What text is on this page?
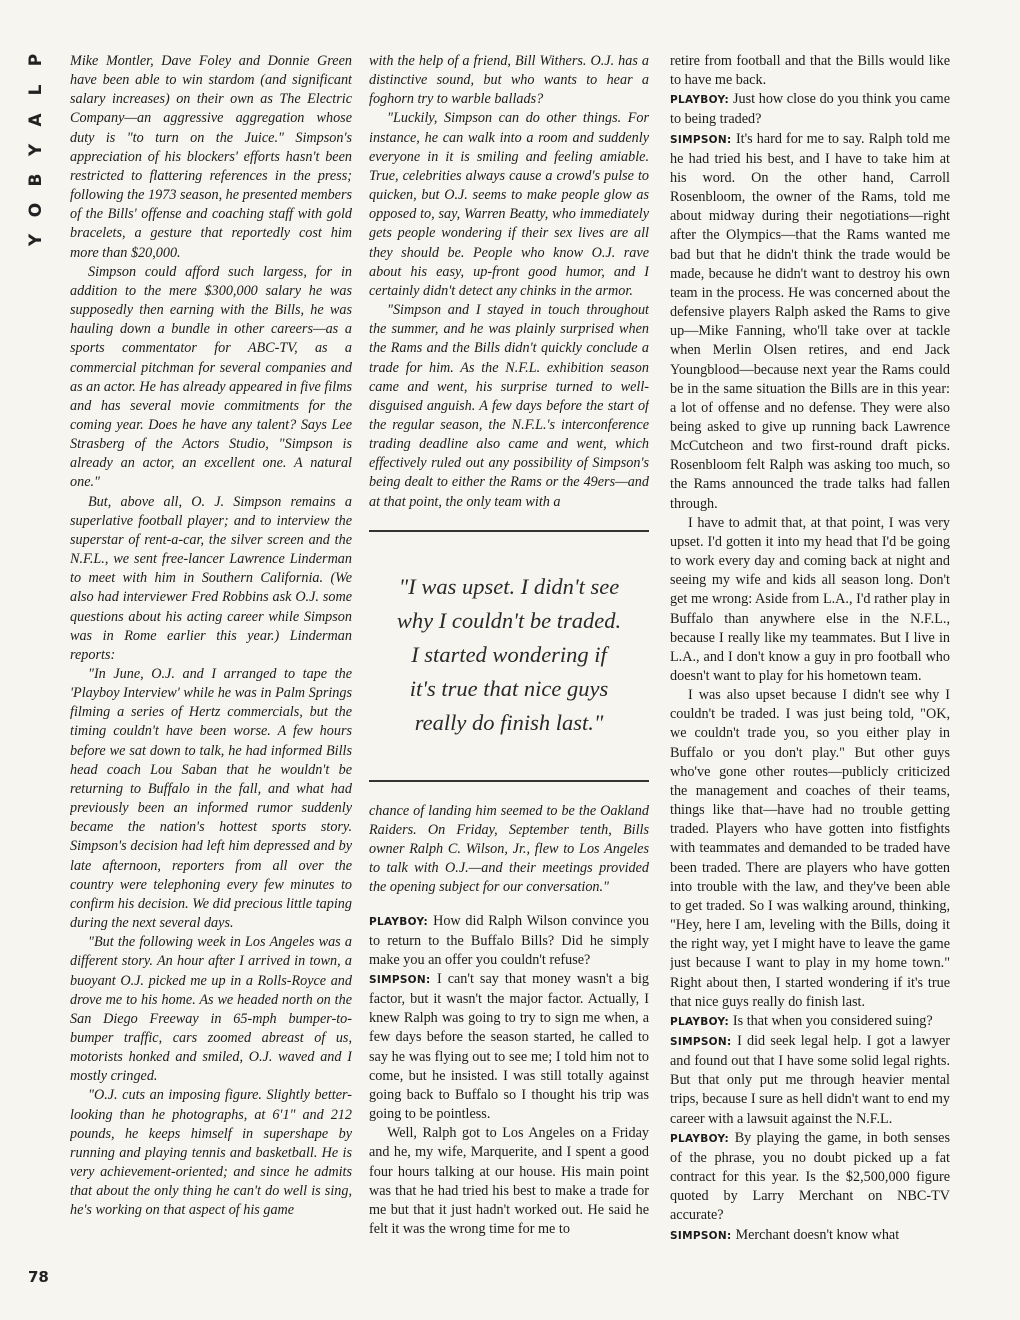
P
L
A
Y
B
O
Y
78

Mike Montler, Dave Foley and Donnie Green have been able to win stardom (and significant salary increases) on their own as The Electric Company—an aggressive aggregation whose duty is "to turn on the Juice." Simpson's appreciation of his blockers' efforts hasn't been restricted to flattering references in the press; following the 1973 season, he presented members of the Bills' offense and coaching staff with gold bracelets, a gesture that reportedly cost him more than $20,000.

Simpson could afford such largess, for in addition to the mere $300,000 salary he was supposedly then earning with the Bills, he was hauling down a bundle in other careers—as a sports commentator for ABC-TV, as a commercial pitchman for several companies and as an actor. He has already appeared in five films and has several movie commitments for the coming year. Does he have any talent? Says Lee Strasberg of the Actors Studio, "Simpson is already an actor, an excellent one. A natural one."

But, above all, O. J. Simpson remains a superlative football player; and to interview the superstar of rent-a-car, the silver screen and the N.F.L., we sent free-lancer Lawrence Linderman to meet with him in Southern California. (We also had interviewer Fred Robbins ask O.J. some questions about his acting career while Simpson was in Rome earlier this year.) Linderman reports:

"In June, O.J. and I arranged to tape the 'Playboy Interview' while he was in Palm Springs filming a series of Hertz commercials, but the timing couldn't have been worse. A few hours before we sat down to talk, he had informed Bills head coach Lou Saban that he wouldn't be returning to Buffalo in the fall, and what had previously been an informed rumor suddenly became the nation's hottest sports story. Simpson's decision had left him depressed and by late afternoon, reporters from all over the country were telephoning every few minutes to confirm his decision. We did precious little taping during the next several days.

"But the following week in Los Angeles was a different story. An hour after I arrived in town, a buoyant O.J. picked me up in a Rolls-Royce and drove me to his home. As we headed north on the San Diego Freeway in 65-mph bumper-to-bumper traffic, cars zoomed abreast of us, motorists honked and smiled, O.J. waved and I mostly cringed.

"O.J. cuts an imposing figure. Slightly better-looking than he photographs, at 6'1" and 212 pounds, he keeps himself in supershape by running and playing tennis and basketball. He is very achievement-oriented; and since he admits that about the only thing he can't do well is sing, he's working on that aspect of his game

with the help of a friend, Bill Withers. O.J. has a distinctive sound, but who wants to hear a foghorn try to warble ballads?

"Luckily, Simpson can do other things. For instance, he can walk into a room and suddenly everyone in it is smiling and feeling amiable. True, celebrities always cause a crowd's pulse to quicken, but O.J. seems to make people glow as opposed to, say, Warren Beatty, who immediately gets people wondering if their sex lives are all they should be. People who know O.J. rave about his easy, up-front good humor, and I certainly didn't detect any chinks in the armor.

"Simpson and I stayed in touch throughout the summer, and he was plainly surprised when the Rams and the Bills didn't quickly conclude a trade for him. As the N.F.L. exhibition season came and went, his surprise turned to well-disguised anguish. A few days before the start of the regular season, the N.F.L.'s interconference trading deadline also came and went, which effectively ruled out any possibility of Simpson's being dealt to either the Rams or the 49ers—and at that point, the only team with a

"I was upset. I didn't see
why I couldn't be traded.
I started wondering if
it's true that nice guys
really do finish last."

chance of landing him seemed to be the Oakland Raiders. On Friday, September tenth, Bills owner Ralph C. Wilson, Jr., flew to Los Angeles to talk with O.J.—and their meetings provided the opening subject for our conversation."

PLAYBOY: How did Ralph Wilson convince you to return to the Buffalo Bills? Did he simply make you an offer you couldn't refuse?

SIMPSON: I can't say that money wasn't a big factor, but it wasn't the major factor. Actually, I knew Ralph was going to try to sign me when, a few days before the season started, he called to say he was flying out to see me; I told him not to come, but he insisted. I was still totally against going back to Buffalo so I thought his trip was going to be pointless.

Well, Ralph got to Los Angeles on a Friday and he, my wife, Marquerite, and I spent a good four hours talking at our house. His main point was that he had tried his best to make a trade for me but that it just hadn't worked out. He said he felt it was the wrong time for me to

retire from football and that the Bills would like to have me back.

PLAYBOY: Just how close do you think you came to being traded?

SIMPSON: It's hard for me to say. Ralph told me he had tried his best, and I have to take him at his word. On the other hand, Carroll Rosenbloom, the owner of the Rams, told me about midway during their negotiations—right after the Olympics—that the Rams wanted me bad but that he didn't think the trade would be made, because he didn't want to destroy his own team in the process. He was concerned about the defensive players Ralph asked the Rams to give up—Mike Fanning, who'll take over at tackle when Merlin Olsen retires, and end Jack Youngblood—because next year the Rams could be in the same situation the Bills are in this year: a lot of offense and no defense. They were also being asked to give up running back Lawrence McCutcheon and two first-round draft picks. Rosenbloom felt Ralph was asking too much, so the Rams announced the trade talks had fallen through.

I have to admit that, at that point, I was very upset. I'd gotten it into my head that I'd be going to work every day and coming back at night and seeing my wife and kids all season long. Don't get me wrong: Aside from L.A., I'd rather play in Buffalo than anywhere else in the N.F.L., because I really like my teammates. But I live in L.A., and I don't know a guy in pro football who doesn't want to play for his hometown team.

I was also upset because I didn't see why I couldn't be traded. I was just being told, "OK, we couldn't trade you, so you either play in Buffalo or you don't play." But other guys who've gone other routes—publicly criticized the management and coaches of their teams, things like that—have had no trouble getting traded. Players who have gotten into fistfights with teammates and demanded to be traded have been traded. There are players who have gotten into trouble with the law, and they've been able to get traded. So I was walking around, thinking, "Hey, here I am, leveling with the Bills, doing it the right way, yet I might have to leave the game just because I want to play in my home town." Right about then, I started wondering if it's true that nice guys really do finish last.

PLAYBOY: Is that when you considered suing?

SIMPSON: I did seek legal help. I got a lawyer and found out that I have some solid legal rights. But that only put me through heavier mental trips, because I sure as hell didn't want to end my career with a lawsuit against the N.F.L.

PLAYBOY: By playing the game, in both senses of the phrase, you no doubt picked up a fat contract for this year. Is the $2,500,000 figure quoted by Larry Merchant on NBC-TV accurate?

SIMPSON: Merchant doesn't know what
